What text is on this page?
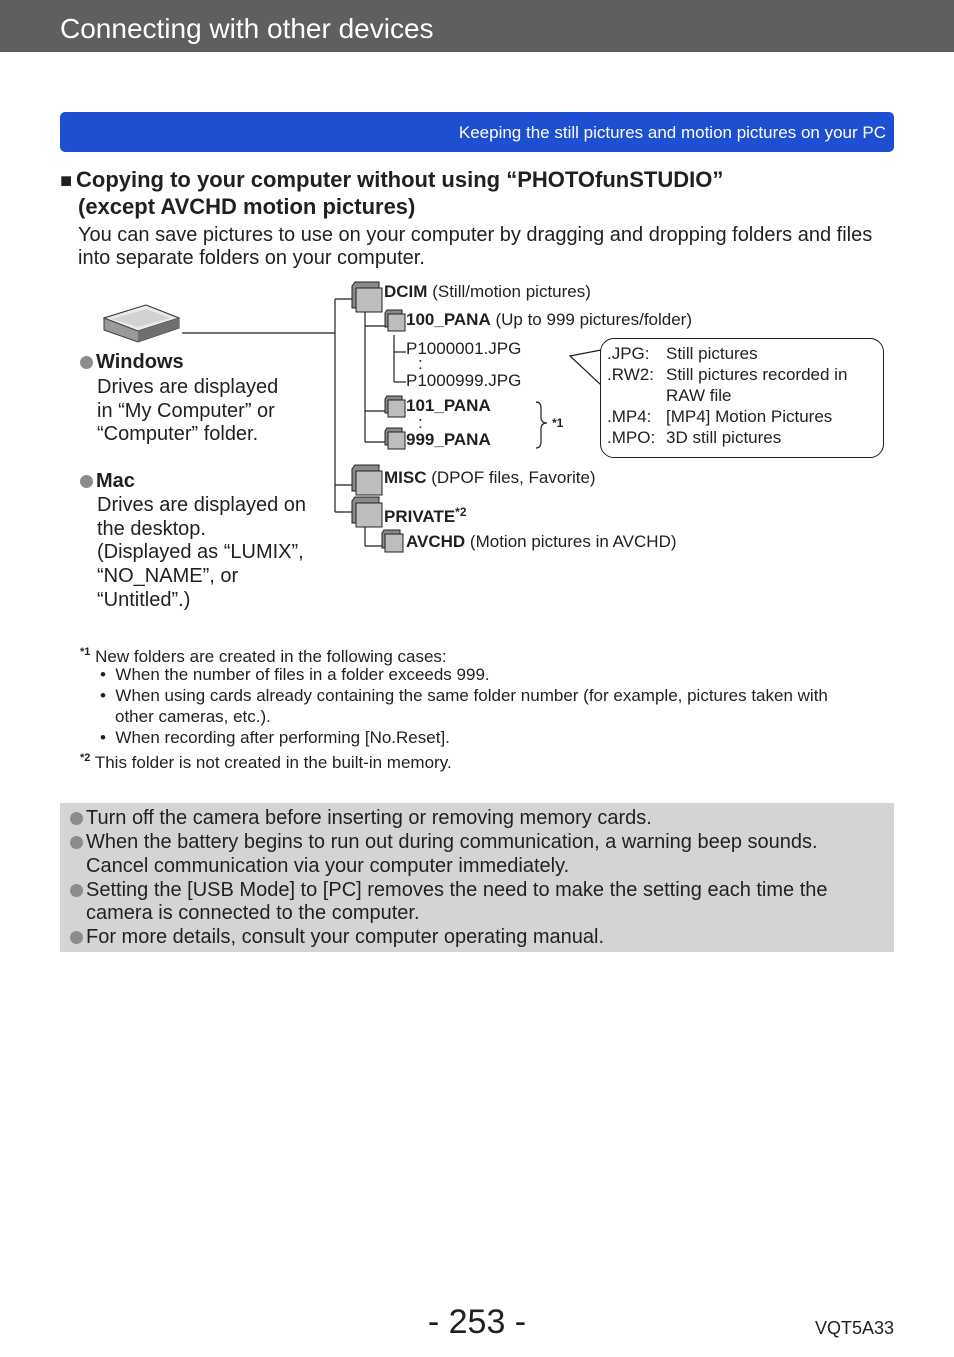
Connecting with other devices
Keeping the still pictures and motion pictures on your PC
■ Copying to your computer without using “PHOTOfunSTUDIO”
(except AVCHD motion pictures)
You can save pictures to use on your computer by dragging and dropping folders and files into separate folders on your computer.
Windows
Drives are displayed
in “My Computer” or
“Computer” folder.
Mac
Drives are displayed on
the desktop.
(Displayed as “LUMIX”,
“NO_NAME”, or
“Untitled”.)
DCIM (Still/motion pictures)
100_PANA (Up to 999 pictures/folder)
P1000001.JPG
:
P1000999.JPG
101_PANA
:
999_PANA
*1
MISC (DPOF files, Favorite)
PRIVATE$^{*2}$
AVCHD (Motion pictures in AVCHD)
.JPG: Still pictures
.RW2: Still pictures recorded in
RAW file
.MP4: [MP4] Motion Pictures
.MPO: 3D still pictures
$^{*1}$ New folders are created in the following cases:
• When the number of files in a folder exceeds 999.
• When using cards already containing the same folder number (for example, pictures taken with
other cameras, etc.).
• When recording after performing [No.Reset].
$^{*2}$ This folder is not created in the built-in memory.
Turn off the camera before inserting or removing memory cards.
When the battery begins to run out during communication, a warning beep sounds.
Cancel communication via your computer immediately.
Setting the [USB Mode] to [PC] removes the need to make the setting each time the
camera is connected to the computer.
For more details, consult your computer operating manual.
- 253 -	VQT5A33
